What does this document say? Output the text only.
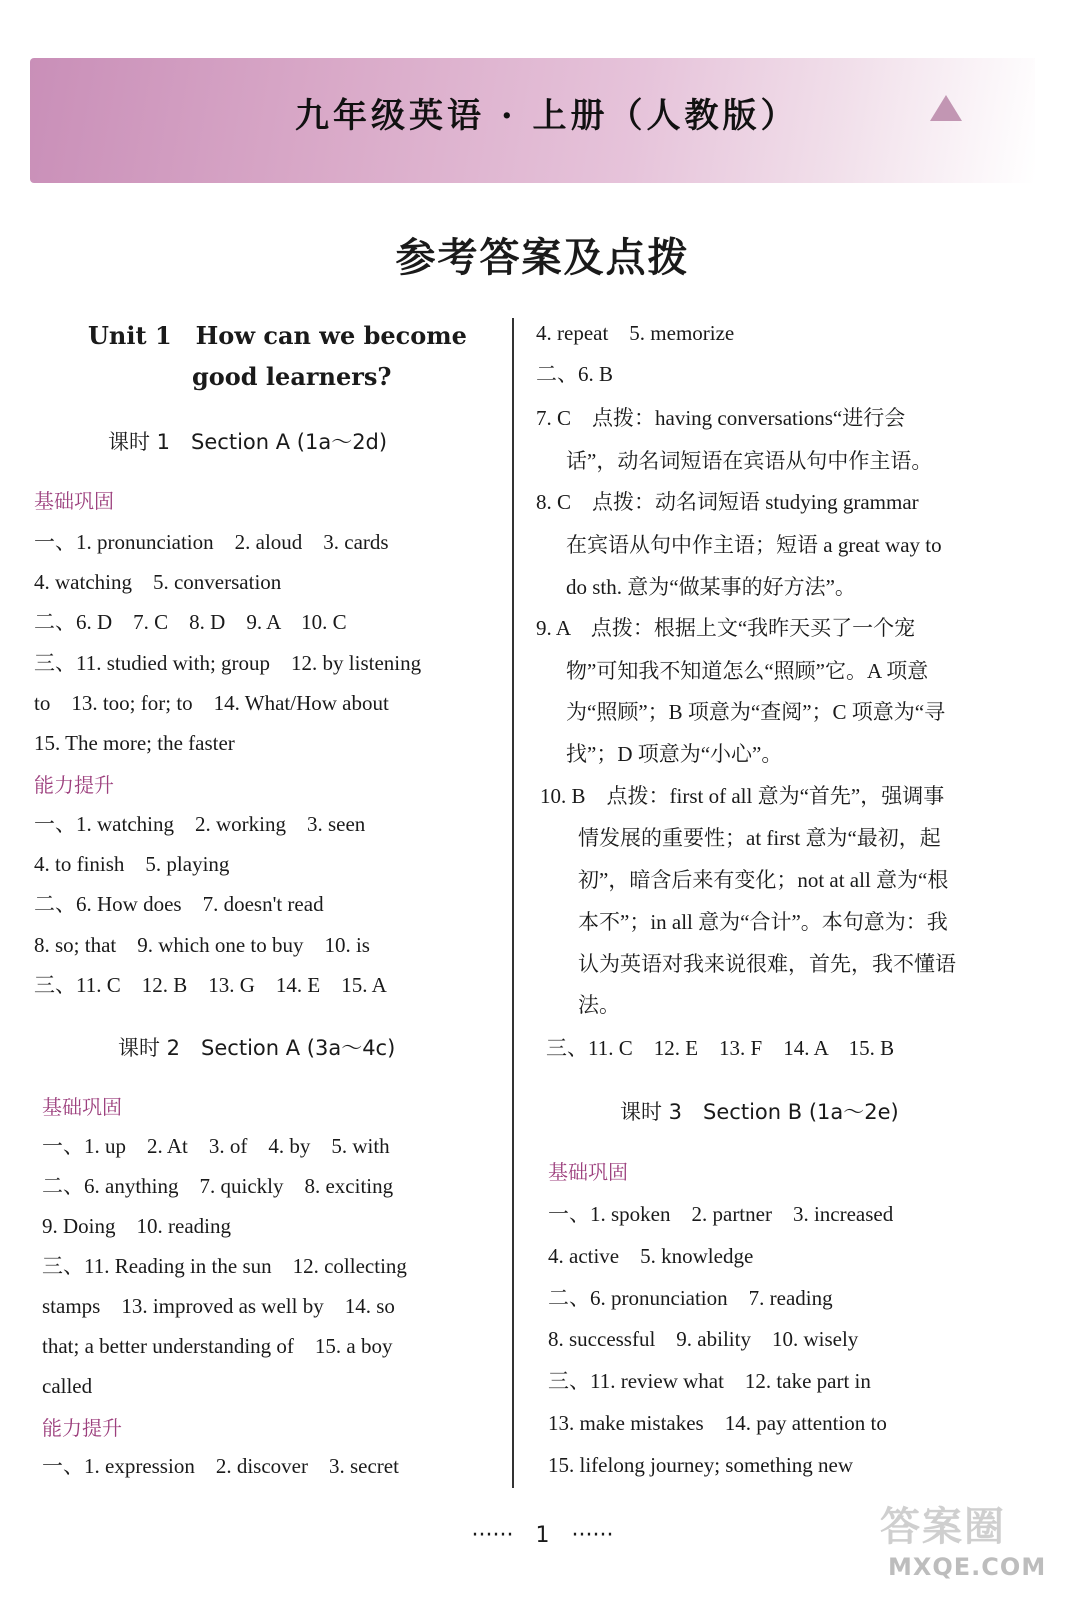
九年级英语 · 上册（人教版）
参考答案及点拨
Unit 1　How can we become
good learners?
课时 1　Section A (1a～2d)
基础巩固
一、1. pronunciation　2. aloud　3. cards
4. watching　5. conversation
二、6. D　7. C　8. D　9. A　10. C
三、11. studied with; group　12. by listening
to　13. too; for; to　14. What/How about
15. The more; the faster
能力提升
一、1. watching　2. working　3. seen
4. to finish　5. playing
二、6. How does　7. doesn't read
8. so; that　9. which one to buy　10. is
三、11. C　12. B　13. G　14. E　15. A
课时 2　Section A (3a～4c)
基础巩固
一、1. up　2. At　3. of　4. by　5. with
二、6. anything　7. quickly　8. exciting
9. Doing　10. reading
三、11. Reading in the sun　12. collecting
stamps　13. improved as well by　14. so
that; a better understanding of　15. a boy
called
能力提升
一、1. expression　2. discover　3. secret
4. repeat　5. memorize
二、6. B
7. C　点拨：having conversations“进行会
话”，动名词短语在宾语从句中作主语。
8. C　点拨：动名词短语 studying grammar
在宾语从句中作主语；短语 a great way to
do sth. 意为“做某事的好方法”。
9. A　点拨：根据上文“我昨天买了一个宠
物”可知我不知道怎么“照顾”它。A 项意
为“照顾”；B 项意为“查阅”；C 项意为“寻
找”；D 项意为“小心”。
10. B　点拨：first of all 意为“首先”，强调事
情发展的重要性；at first 意为“最初，起
初”，暗含后来有变化；not at all 意为“根
本不”；in all 意为“合计”。本句意为：我
认为英语对我来说很难，首先，我不懂语
法。
三、11. C　12. E　13. F　14. A　15. B
课时 3　Section B (1a～2e)
基础巩固
一、1. spoken　2. partner　3. increased
4. active　5. knowledge
二、6. pronunciation　7. reading
8. successful　9. ability　10. wisely
三、11. review what　12. take part in
13. make mistakes　14. pay attention to
15. lifelong journey; something new
······　1　······	答案圈
MXQE.COM
